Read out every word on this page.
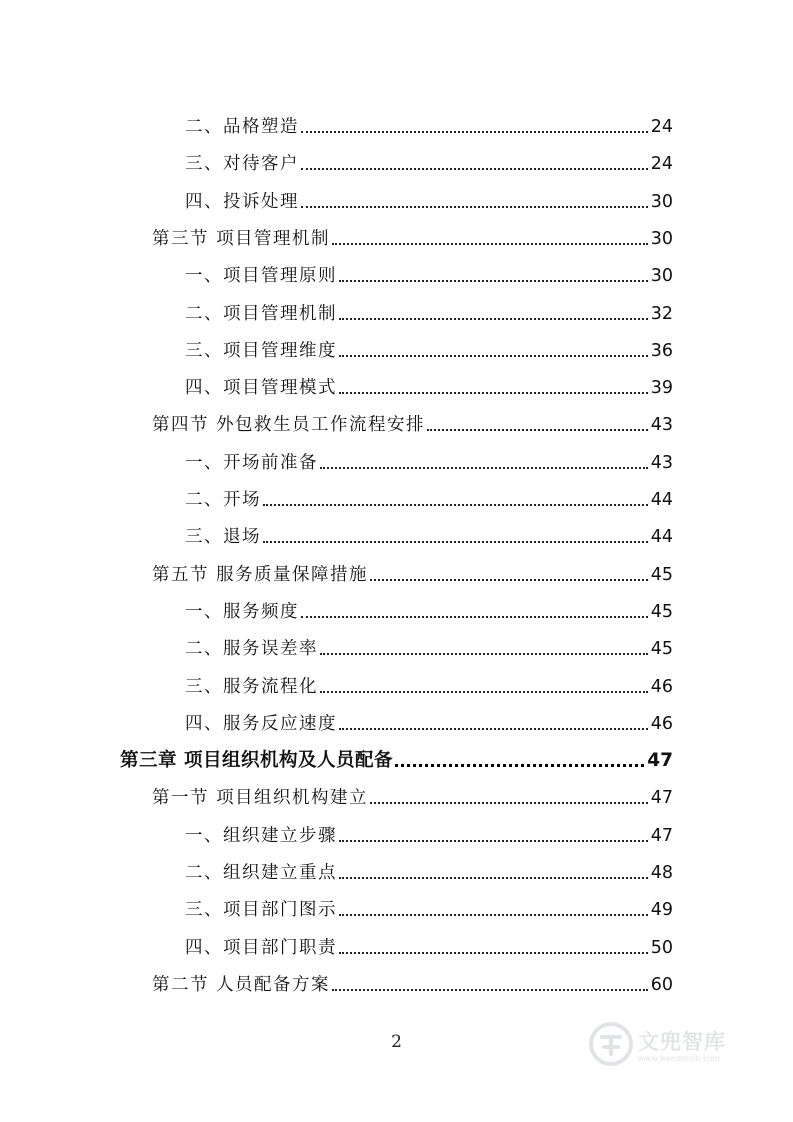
二、品格塑造	24
三、对待客户	24
四、投诉处理	30
第三节 项目管理机制	30
一、项目管理原则	30
二、项目管理机制	32
三、项目管理维度	36
四、项目管理模式	39
第四节 外包救生员工作流程安排	43
一、开场前准备	43
二、开场	44
三、退场	44
第五节 服务质量保障措施	45
一、服务频度	45
二、服务误差率	45
三、服务流程化	46
四、服务反应速度	46
第三章 项目组织机构及人员配备	47
第一节 项目组织机构建立	47
一、组织建立步骤	47
二、组织建立重点	48
三、项目部门图示	49
四、项目部门职责	50
第二节 人员配备方案	60
2	文兜智库
www.wendoulib.com
